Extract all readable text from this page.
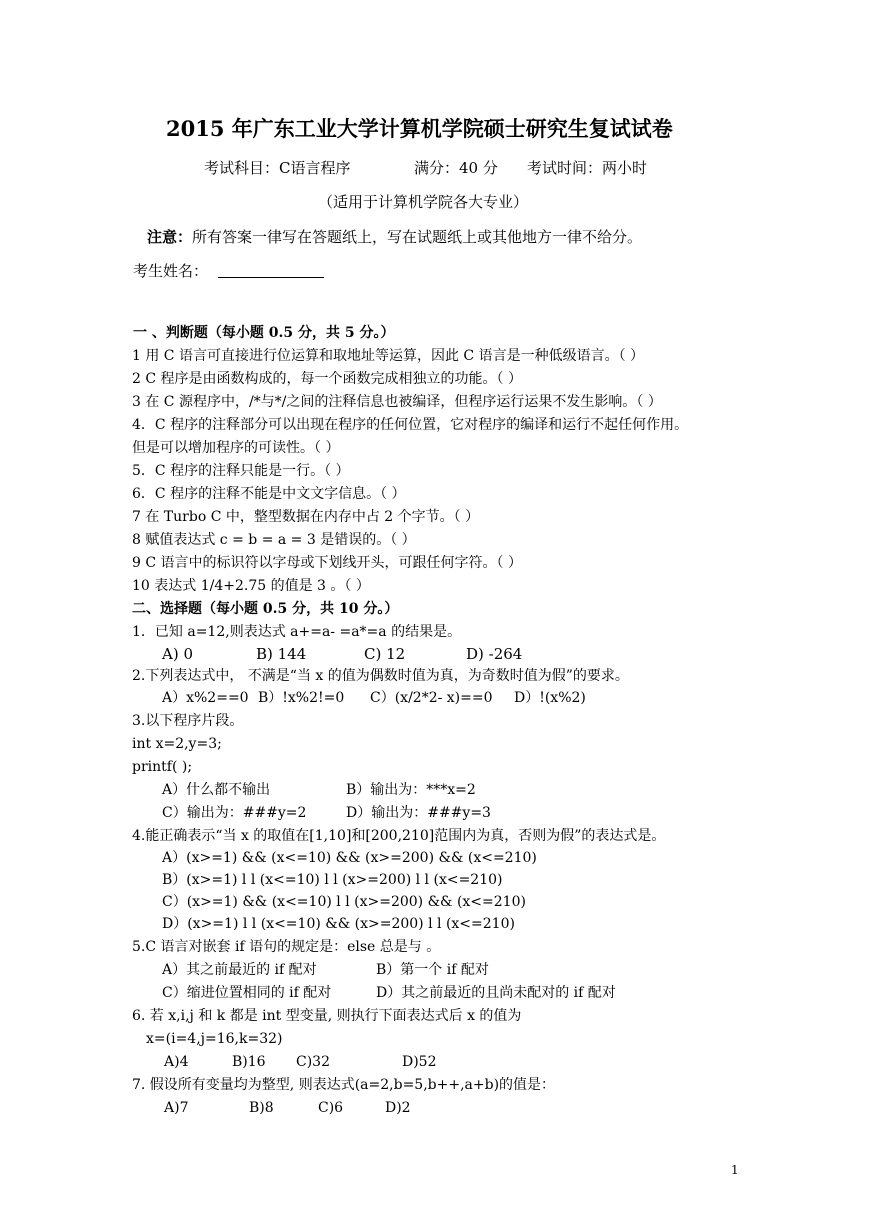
2015 年广东工业大学计算机学院硕士研究生复试试卷
考试科目：C语言程序	满分：40 分 考试时间：两小时
（适用于计算机学院各大专业）
注意：所有答案一律写在答题纸上，写在试题纸上或其他地方一律不给分。
考生姓名：
一 、判断题（每小题 0.5 分，共 5 分。）
1 用 C 语言可直接进行位运算和取地址等运算，因此 C 语言是一种低级语言。（ ）
2 C 程序是由函数构成的，每一个函数完成相独立的功能。（ ）
3 在 C 源程序中，/*与*/之间的注释信息也被编译，但程序运行运果不发生影响。（ ）
4．C 程序的注释部分可以出现在程序的任何位置，它对程序的编译和运行不起任何作用。
但是可以增加程序的可读性。（ ）
5．C 程序的注释只能是一行。（ ）
6．C 程序的注释不能是中文文字信息。（ ）
7 在 Turbo C 中，整型数据在内存中占 2 个字节。（ ）
8 赋值表达式 c = b = a = 3 是错误的。（ ）
9 C 语言中的标识符以字母或下划线开头，可跟任何字符。（ ）
10 表达式 1/4+2.75 的值是 3 。（ ）
二、选择题（每小题 0.5 分，共 10 分。）
1．已知 a=12,则表达式 a+=a- =a*=a 的结果是。
A) 0	B) 144	C) 12	D) -264
2.下列表达式中， 不满是“当 x 的值为偶数时值为真，为奇数时值为假”的要求。
A）x%2==0 B）!x%2!=0 C）(x/2*2- x)==0 D）!(x%2)
3.以下程序片段。
int x=2,y=3;
printf( );
A）什么都不输出	B）输出为：***x=2
C）输出为：###y=2	D）输出为：###y=3
4.能正确表示“当 x 的取值在[1,10]和[200,210]范围内为真，否则为假”的表达式是。
A）(x>=1) && (x<=10) && (x>=200) && (x<=210)
B）(x>=1) l l (x<=10) l l (x>=200) l l (x<=210)
C）(x>=1) && (x<=10) l l (x>=200) && (x<=210)
D）(x>=1) l l (x<=10) && (x>=200) l l (x<=210)
5.C 语言对嵌套 if 语句的规定是：else 总是与 。
A）其之前最近的 if 配对	B）第一个 if 配对
C）缩进位置相同的 if 配对	D）其之前最近的且尚未配对的 if 配对
6. 若 x,i,j 和 k 都是 int 型变量, 则执行下面表达式后 x 的值为
x=(i=4,j=16,k=32)
A)4	B)16 C)32	D)52
7. 假设所有变量均为整型, 则表达式(a=2,b=5,b++,a+b)的值是：
A)7	B)8	C)6	D)2
1
